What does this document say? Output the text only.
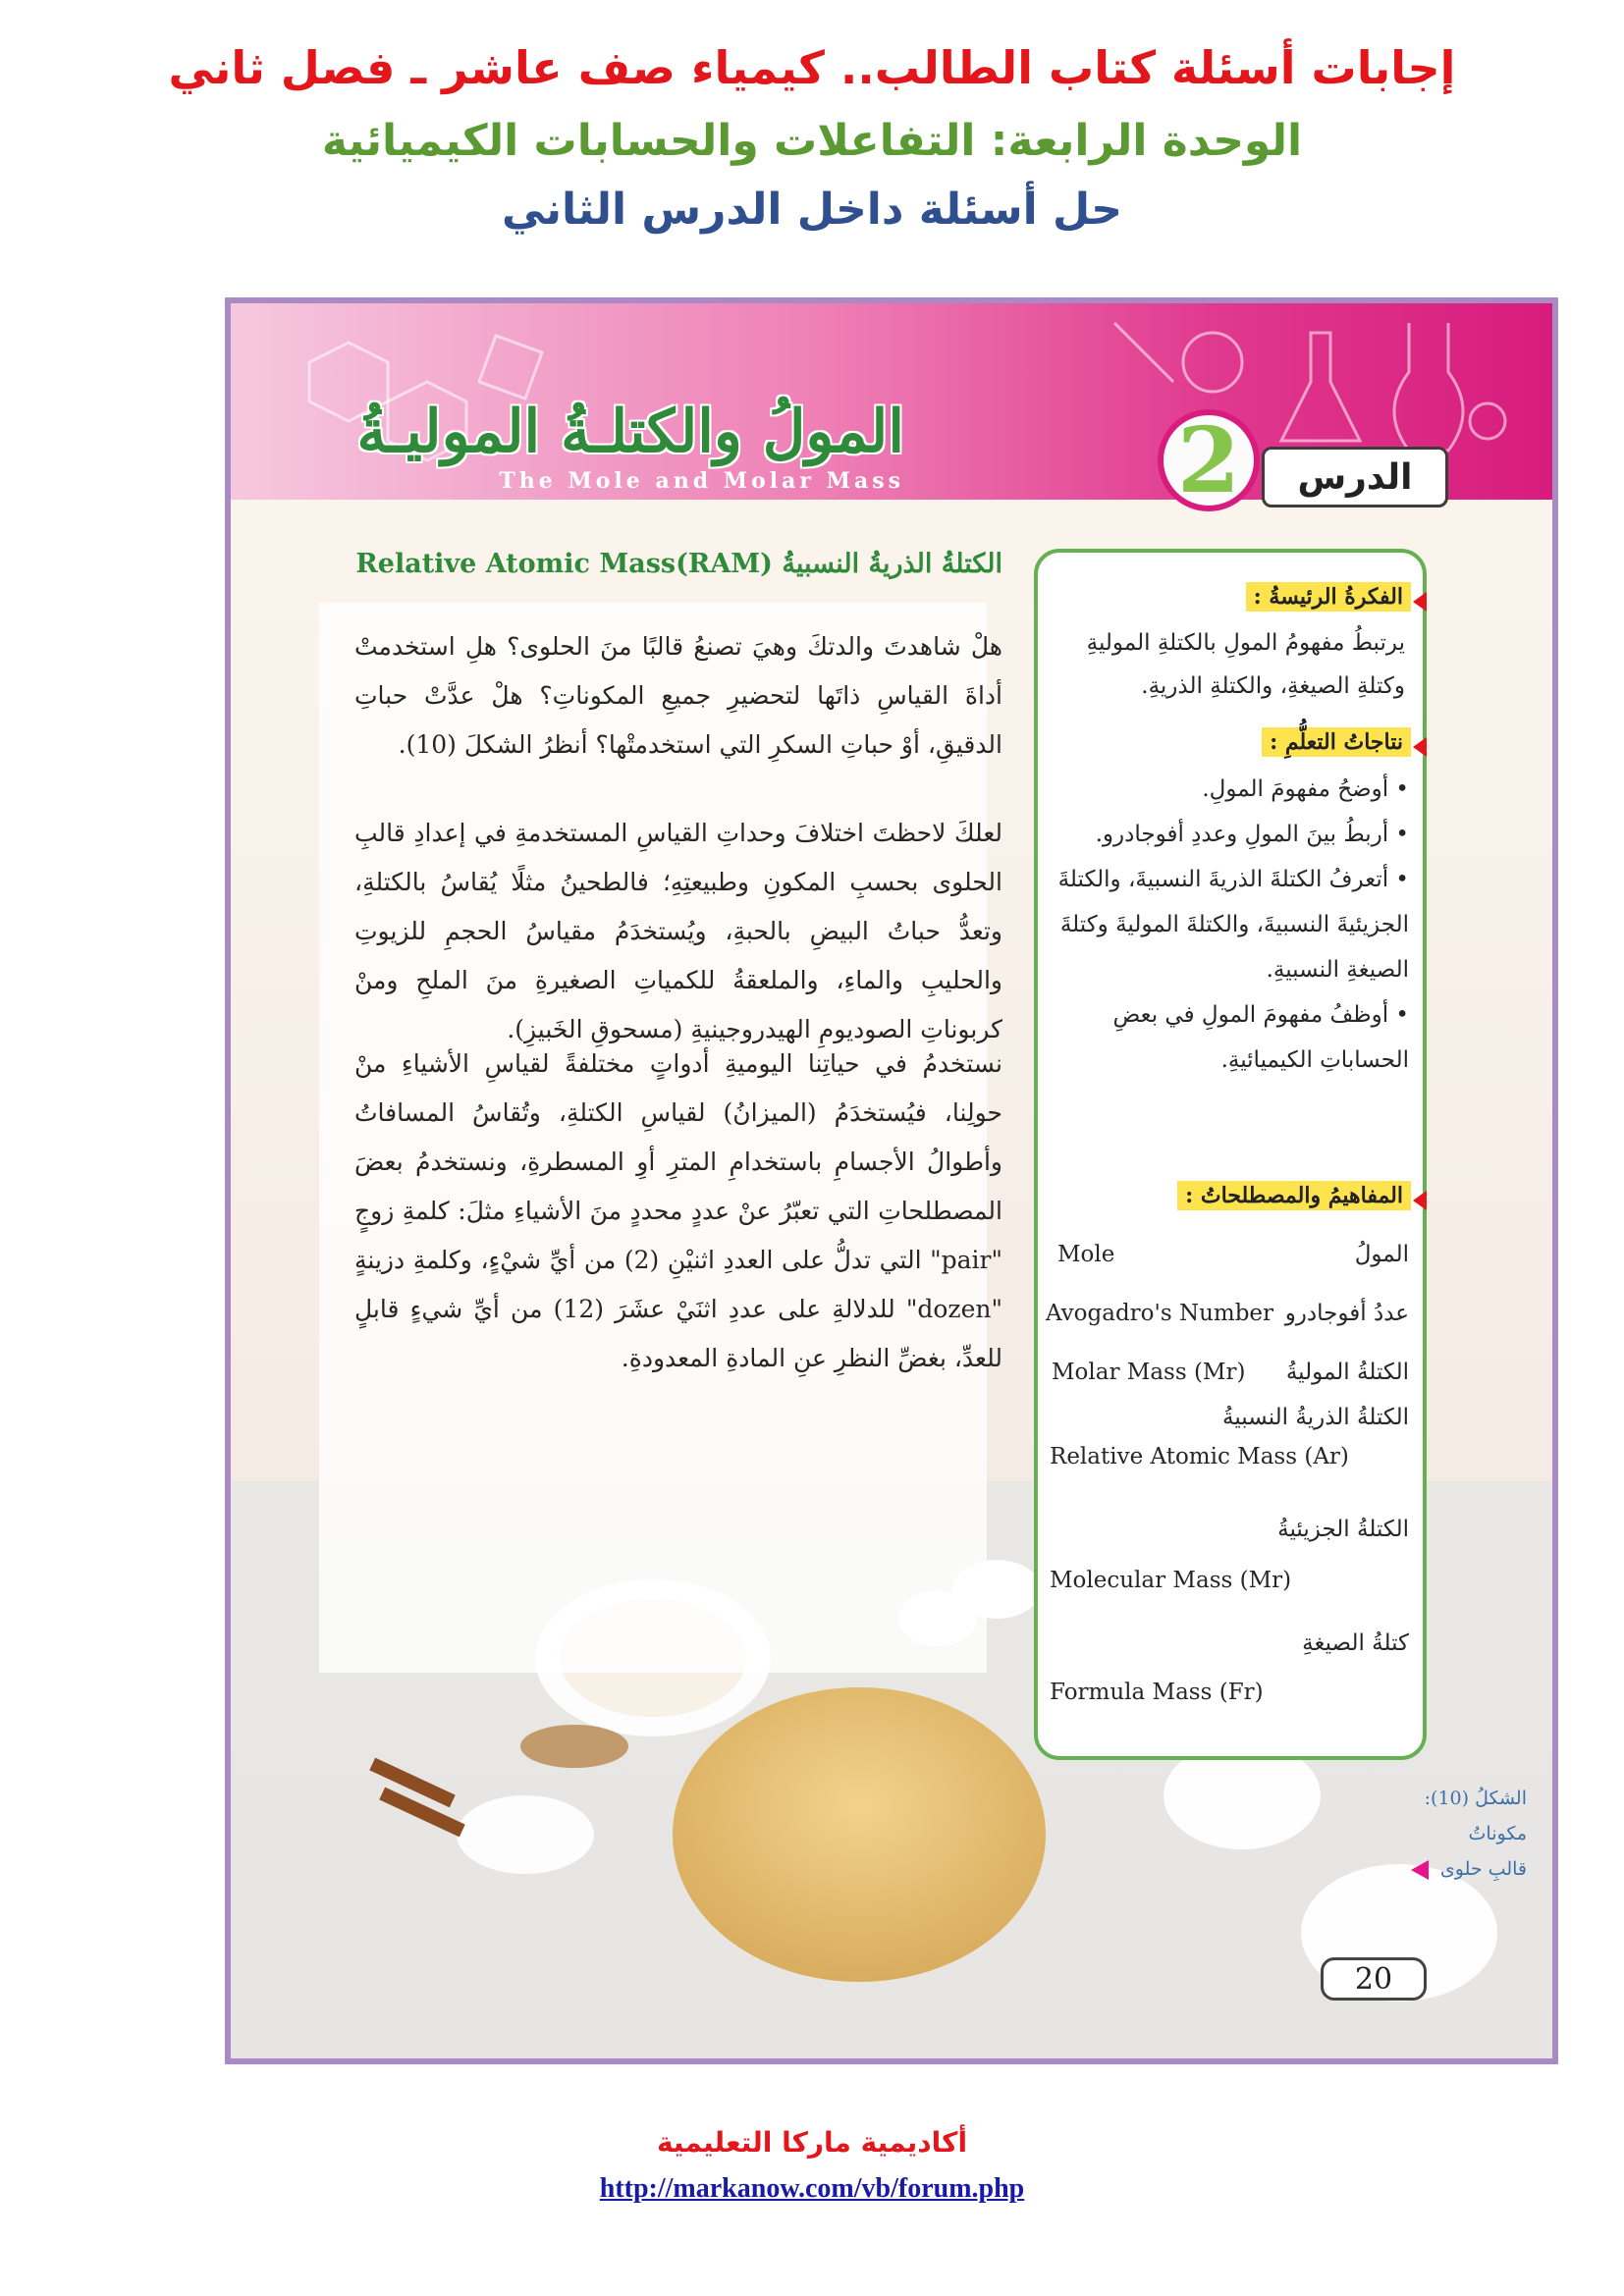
إجابات أسئلة كتاب الطالب.. كيمياء صف عاشر ـ فصل ثاني
الوحدة الرابعة: التفاعلات والحسابات الكيميائية
حل أسئلة داخل الدرس الثاني
المولُ والكتلـةُ الموليـةُ
The Mole and Molar Mass	2	الدرس
الكتلةُ الذريةُ النسبيةُ Relative Atomic Mass(RAM)
هلْ شاهدتَ والدتكَ وهيَ تصنعُ قالبًا منَ الحلوى؟ هلِ استخدمتْ أداةَ القياسِ ذاتَها لتحضيرِ جميعِ المكوناتِ؟ هلْ عدَّتْ حباتِ الدقيقِ، أوْ حباتِ السكرِ التي استخدمتْها؟ أنظرُ الشكلَ (10).
لعلكَ لاحظتَ اختلافَ وحداتِ القياسِ المستخدمةِ في إعدادِ قالبِ الحلوى بحسبِ المكونِ وطبيعتِهِ؛ فالطحينُ مثلًا يُقاسُ بالكتلةِ، وتعدُّ حباتُ البيضِ بالحبةِ، ويُستخدَمُ مقياسُ الحجمِ للزيوتِ والحليبِ والماءِ، والملعقةُ للكمياتِ الصغيرةِ منَ الملحِ ومنْ كربوناتِ الصوديومِ الهيدروجينيةِ (مسحوقِ الخَبيزِ).
نستخدمُ في حياتِنا اليوميةِ أدواتٍ مختلفةً لقياسِ الأشياءِ منْ حولِنا، فيُستخدَمُ (الميزانُ) لقياسِ الكتلةِ، وتُقاسُ المسافاتُ وأطوالُ الأجسامِ باستخدامِ المترِ أوِ المسطرةِ، ونستخدمُ بعضَ المصطلحاتِ التي تعبّرُ عنْ عددٍ محددٍ منَ الأشياءِ مثلَ: كلمةِ زوجٍ "pair" التي تدلُّ على العددِ اثنيْنِ (2) من أيِّ شيْءٍ، وكلمةِ دزينةٍ "dozen" للدلالةِ على عددِ اثنَيْ عشَرَ (12) من أيِّ شيءٍ قابلٍ للعدِّ، بغضِّ النظرِ عنِ المادةِ المعدودةِ.
الفكرةُ الرئيسةُ :
يرتبطُ مفهومُ المولِ بالكتلةِ الموليةِ وكتلةِ الصيغةِ، والكتلةِ الذريةِ.
نتاجاتُ التعلُّمِ :
• أوضحُ مفهومَ المولِ.
• أربطُ بينَ المولِ وعددِ أفوجادرو.
• أتعرفُ الكتلةَ الذريةَ النسبيةَ، والكتلةَ الجزيئيةَ النسبيةَ، والكتلةَ الموليةَ وكتلةَ الصيغةِ النسبيةِ.
• أوظفُ مفهومَ المولِ في بعضِ الحساباتِ الكيميائيةِ.
المفاهيمُ والمصطلحاتُ :
المولُ
Mole
عددُ أفوجادرو
Avogadro's Number
الكتلةُ الموليةُ
Molar Mass (Mr)
الكتلةُ الذريةُ النسبيةُ
Relative Atomic Mass (Ar)
الكتلةُ الجزيئيةُ
Molecular Mass (Mr)
كتلةُ الصيغةِ
Formula Mass (Fr)
الشكلُ (10): مكوناتُ
قالبِ حلوى
20
أكاديمية ماركا التعليمية
http://markanow.com/vb/forum.php
